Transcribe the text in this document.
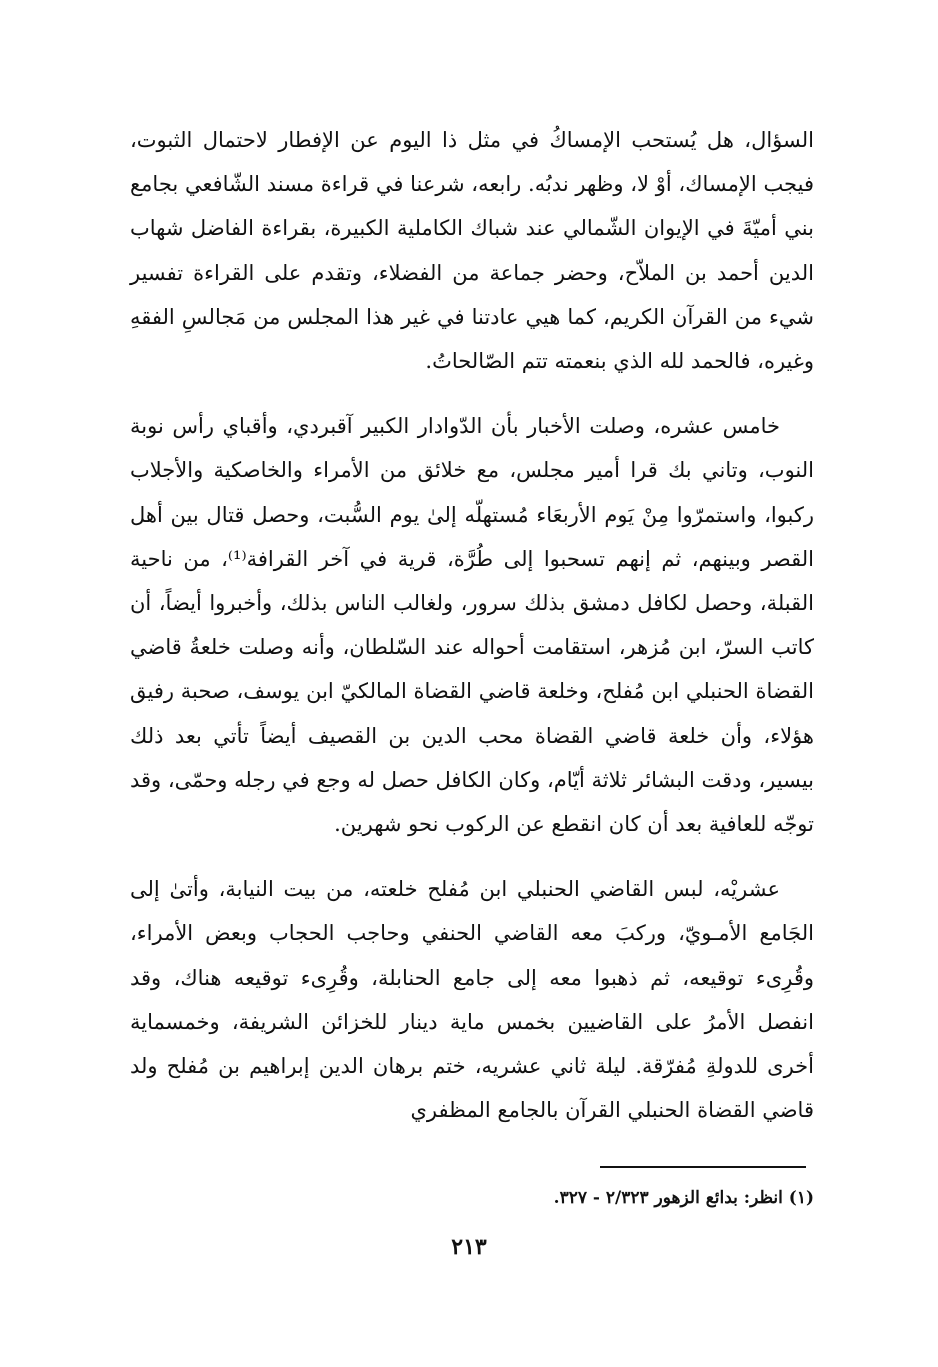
السؤال، هل يُستحب الإمساكُ في مثل ذا اليوم عن الإفطار لاحتمال الثبوت، فيجب الإمساك، أوْ لا، وظهر ندبُه. رابعه، شرعنا في قراءة مسند الشّافعي بجامع بني أميّةَ في الإيوان الشّمالي عند شباك الكاملية الكبيرة، بقراءة الفاضل شهاب الدين أحمد بن الملاّح، وحضر جماعة من الفضلاء، وتقدم على القراءة تفسير شيء من القرآن الكريم، كما هيي عادتنا في غير هذا المجلس من مَجالسِ الفقهِ وغيره، فالحمد لله الذي بنعمته تتم الصّالحاتُ.

خامس عشره، وصلت الأخبار بأن الدّوادار الكبير آقبردي، وأقباي رأس نوبة النوب، وتاني بك قرا أمير مجلس، مع خلائق من الأمراء والخاصكية والأجلاب ركبوا، واستمرّوا مِنْ يَوم الأربعَاء مُستهلّه إلىٰ يوم السُّبت، وحصل قتال بين أهل القصر وبينهم، ثم إنهم تسحبوا إلى طُرَّة، قرية في آخر القرافة⁽¹⁾، من ناحية القبلة، وحصل لكافل دمشق بذلك سرور، ولغالب الناس بذلك، وأخبروا أيضاً، أن كاتب السرّ، ابن مُزهر، استقامت أحواله عند السّلطان، وأنه وصلت خلعةُ قاضي القضاة الحنبلي ابن مُفلح، وخلعة قاضي القضاة المالكيّ ابن يوسف، صحبة رفيق هؤلاء، وأن خلعة قاضي القضاة محب الدين بن القصيف أيضاً تأتي بعد ذلك بيسير، ودقت البشائر ثلاثة أيّام، وكان الكافل حصل له وجع في رجله وحمّى، وقد توجّه للعافية بعد أن كان انقطع عن الركوب نحو شهرين.

عشريْه، لبس القاضي الحنبلي ابن مُفلح خلعته، من بيت النيابة، وأتىٰ إلى الجَامع الأمـويّ، وركبَ معه القاضي الحنفي وحاجب الحجاب وبعض الأمراء، وقُرِىء توقيعه، ثم ذهبوا معه إلى جامع الحنابلة، وقُرِىء توقيعه هناك، وقد انفصل الأمرُ على القاضيين بخمس ماية دينار للخزائن الشريفة، وخمسماية أخرى للدولةِ مُفرّقة. ليلة ثاني عشريه، ختم برهان الدين إبراهيم بن مُفلح ولد قاضي القضاة الحنبلي القرآن بالجامع المظفري

(١) انظر: بدائع الزهور ٢/٣٢٣ - ٣٢٧.
٢١٣
